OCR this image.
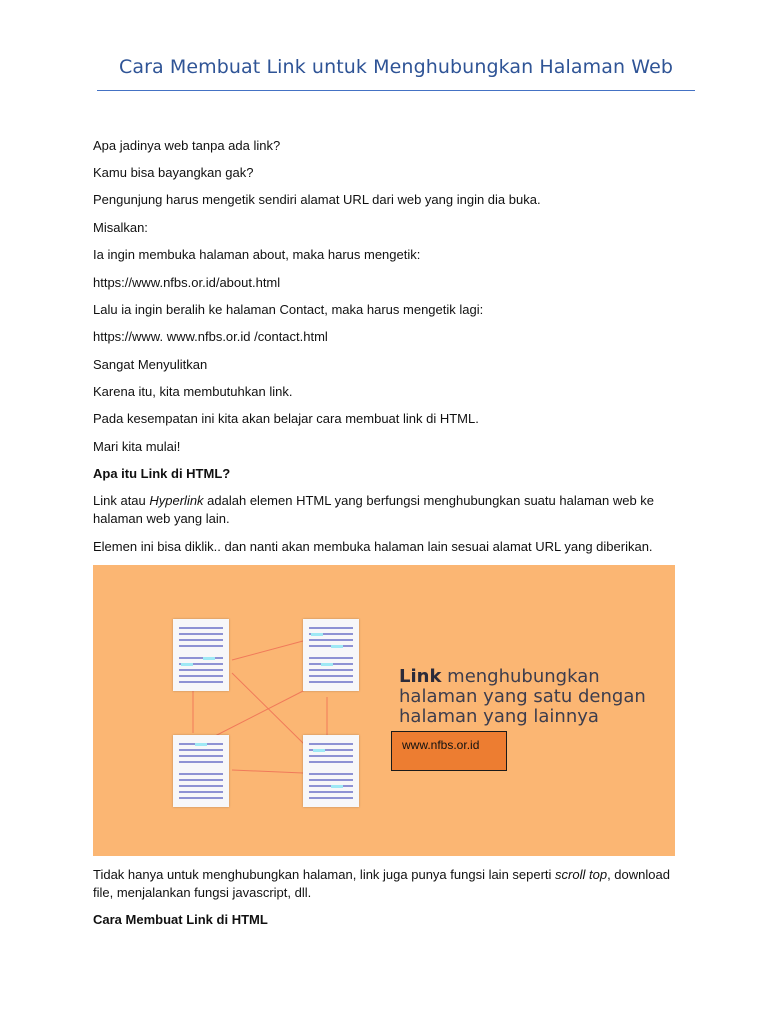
Cara Membuat Link untuk Menghubungkan Halaman Web
Apa jadinya web tanpa ada link?
Kamu bisa bayangkan gak?
Pengunjung harus mengetik sendiri alamat URL dari web yang ingin dia buka.
Misalkan:
Ia ingin membuka halaman about, maka harus mengetik:
https://www.nfbs.or.id/about.html
Lalu ia ingin beralih ke halaman Contact, maka harus mengetik lagi:
https://www. www.nfbs.or.id /contact.html
Sangat Menyulitkan
Karena itu, kita membutuhkan link.
Pada kesempatan ini kita akan belajar cara membuat link di HTML.
Mari kita mulai!
Apa itu Link di HTML?
Link atau Hyperlink adalah elemen HTML yang berfungsi menghubungkan suatu halaman web ke halaman web yang lain.
Elemen ini bisa diklik.. dan nanti akan membuka halaman lain sesuai alamat URL yang diberikan.
Link menghubungkan
halaman yang satu dengan
halaman yang lainnya
www.nfbs.or.id
Tidak hanya untuk menghubungkan halaman, link juga punya fungsi lain seperti scroll top, download file, menjalankan fungsi javascript, dll.
Cara Membuat Link di HTML
